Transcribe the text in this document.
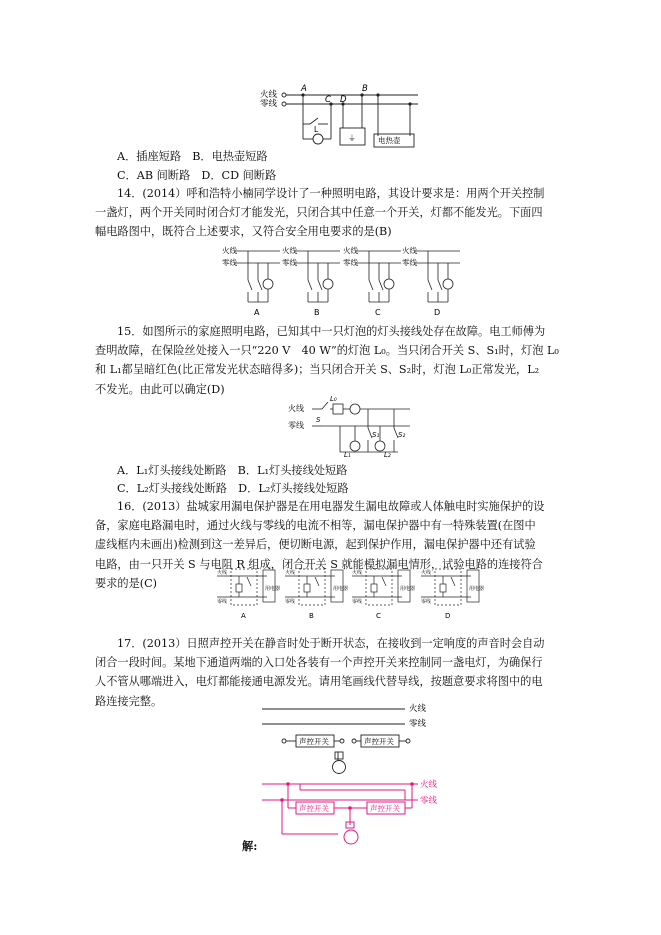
火线
零线
A	B
C D
L
电热壶
⏚
A．插座短路　B．电热壶短路
C．AB 间断路　D．CD 间断路

14．(2014）呼和浩特小楠同学设计了一种照明电路，其设计要求是：用两个开关控制

一盏灯，两个开关同时闭合灯才能发光，只闭合其中任意一个开关，灯都不能发光。下面四

幅电路图中，既符合上述要求，又符合安全用电要求的是(B)

火线
零线
A
火线
零线
B
火线
零线
C
火线
零线
D

15．如图所示的家庭照明电路，已知其中一只灯泡的灯头接线处存在故障。电工师傅为

查明故障，在保险丝处接入一只“220 V　40 W”的灯泡 L₀。当只闭合开关 S、S₁时，灯泡 L₀

和 L₁都呈暗红色(比正常发光状态暗得多)；当只闭合开关 S、S₂时，灯泡 L₀正常发光，L₂

不发光。由此可以确定(D)

火线
零线
L₀
S
S₁	S₂
L₁	L₂
A．L₁灯头接线处断路　B．L₁灯头接线处短路
C．L₂灯头接线处断路　D．L₂灯头接线处短路

16．(2013）盐城家用漏电保护器是在用电器发生漏电故障或人体触电时实施保护的设

备，家庭电路漏电时，通过火线与零线的电流不相等，漏电保护器中有一特殊装置(在图中

虚线框内未画出)检测到这一差异后，便切断电源，起到保护作用，漏电保护器中还有试验

电路，由一只开关 S 与电阻 R 组成，闭合开关 S 就能模拟漏电情形，试验电路的连接符合

要求的是(C)

火线
零线
用电器
A
火线
零线
用电器
B
火线
零线
用电器
C
火线
零线
用电器
D

17．(2013）日照声控开关在静音时处于断开状态，在接收到一定响度的声音时会自动

闭合一段时间。某地下通道两端的入口处各装有一个声控开关来控制同一盏电灯，为确保行

人不管从哪端进入，电灯都能接通电源发光。请用笔画线代替导线，按题意要求将图中的电

路连接完整。

火线
零线
声控开关	声控开关
火线
零线
声控开关	声控开关
解:
